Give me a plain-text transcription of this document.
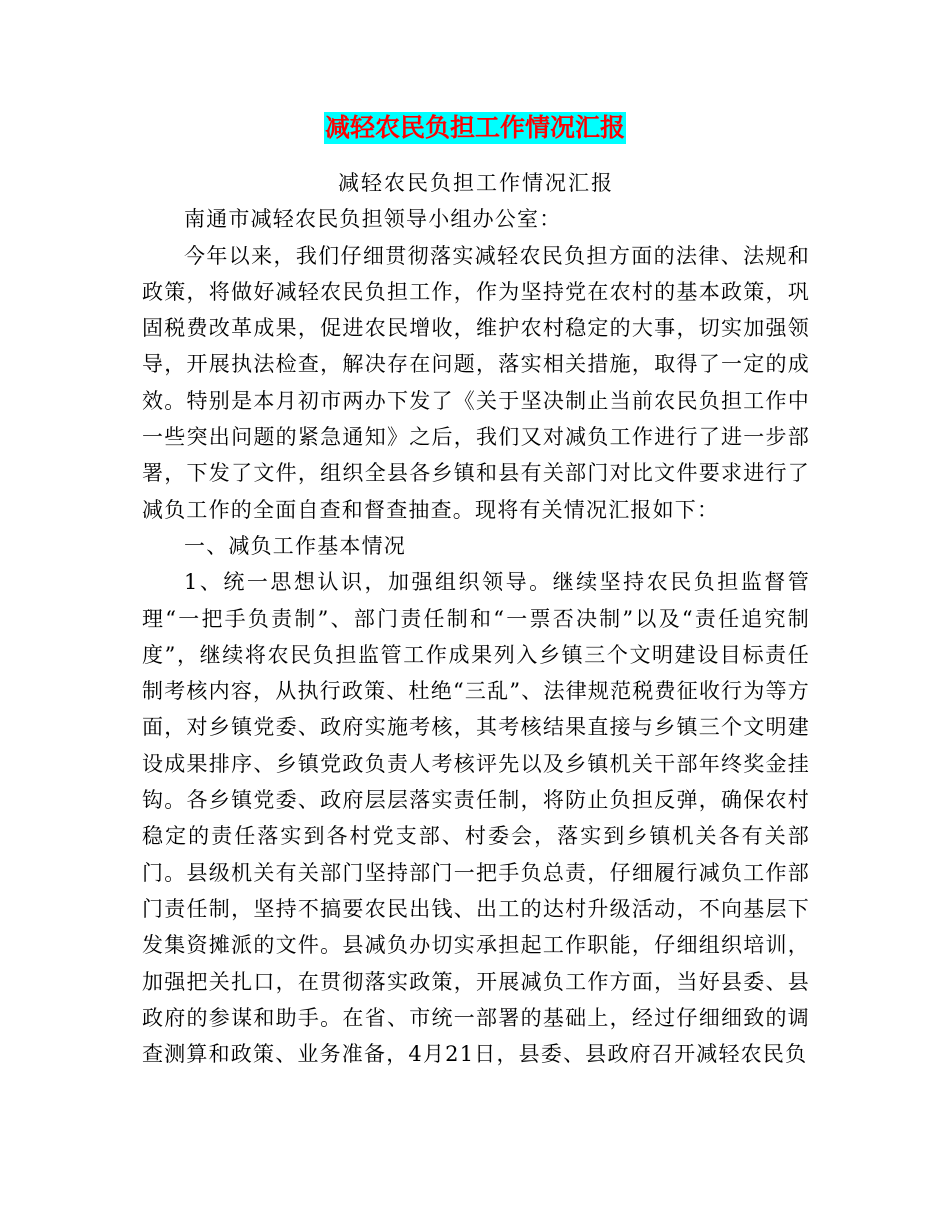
减轻农民负担工作情况汇报

减轻农民负担工作情况汇报

南通市减轻农民负担领导小组办公室：

今年以来，我们仔细贯彻落实减轻农民负担方面的法律、法规和政策，将做好减轻农民负担工作，作为坚持党在农村的基本政策，巩固税费改革成果，促进农民增收，维护农村稳定的大事，切实加强领导，开展执法检查，解决存在问题，落实相关措施，取得了一定的成效。特别是本月初市两办下发了《关于坚决制止当前农民负担工作中一些突出问题的紧急通知》之后，我们又对减负工作进行了进一步部署，下发了文件，组织全县各乡镇和县有关部门对比文件要求进行了减负工作的全面自查和督查抽查。现将有关情况汇报如下：

一、减负工作基本情况

1、统一思想认识，加强组织领导。继续坚持农民负担监督管理“一把手负责制”、部门责任制和“一票否决制”以及“责任追究制度”，继续将农民负担监管工作成果列入乡镇三个文明建设目标责任制考核内容，从执行政策、杜绝“三乱”、法律规范税费征收行为等方面，对乡镇党委、政府实施考核，其考核结果直接与乡镇三个文明建设成果排序、乡镇党政负责人考核评先以及乡镇机关干部年终奖金挂钩。各乡镇党委、政府层层落实责任制，将防止负担反弹，确保农村稳定的责任落实到各村党支部、村委会，落实到乡镇机关各有关部门。县级机关有关部门坚持部门一把手负总责，仔细履行减负工作部门责任制，坚持不搞要农民出钱、出工的达村升级活动，不向基层下发集资摊派的文件。县减负办切实承担起工作职能，仔细组织培训，加强把关扎口，在贯彻落实政策，开展减负工作方面，当好县委、县政府的参谋和助手。在省、市统一部署的基础上，经过仔细细致的调查测算和政策、业务准备，4月21日，县委、县政府召开减轻农民负
